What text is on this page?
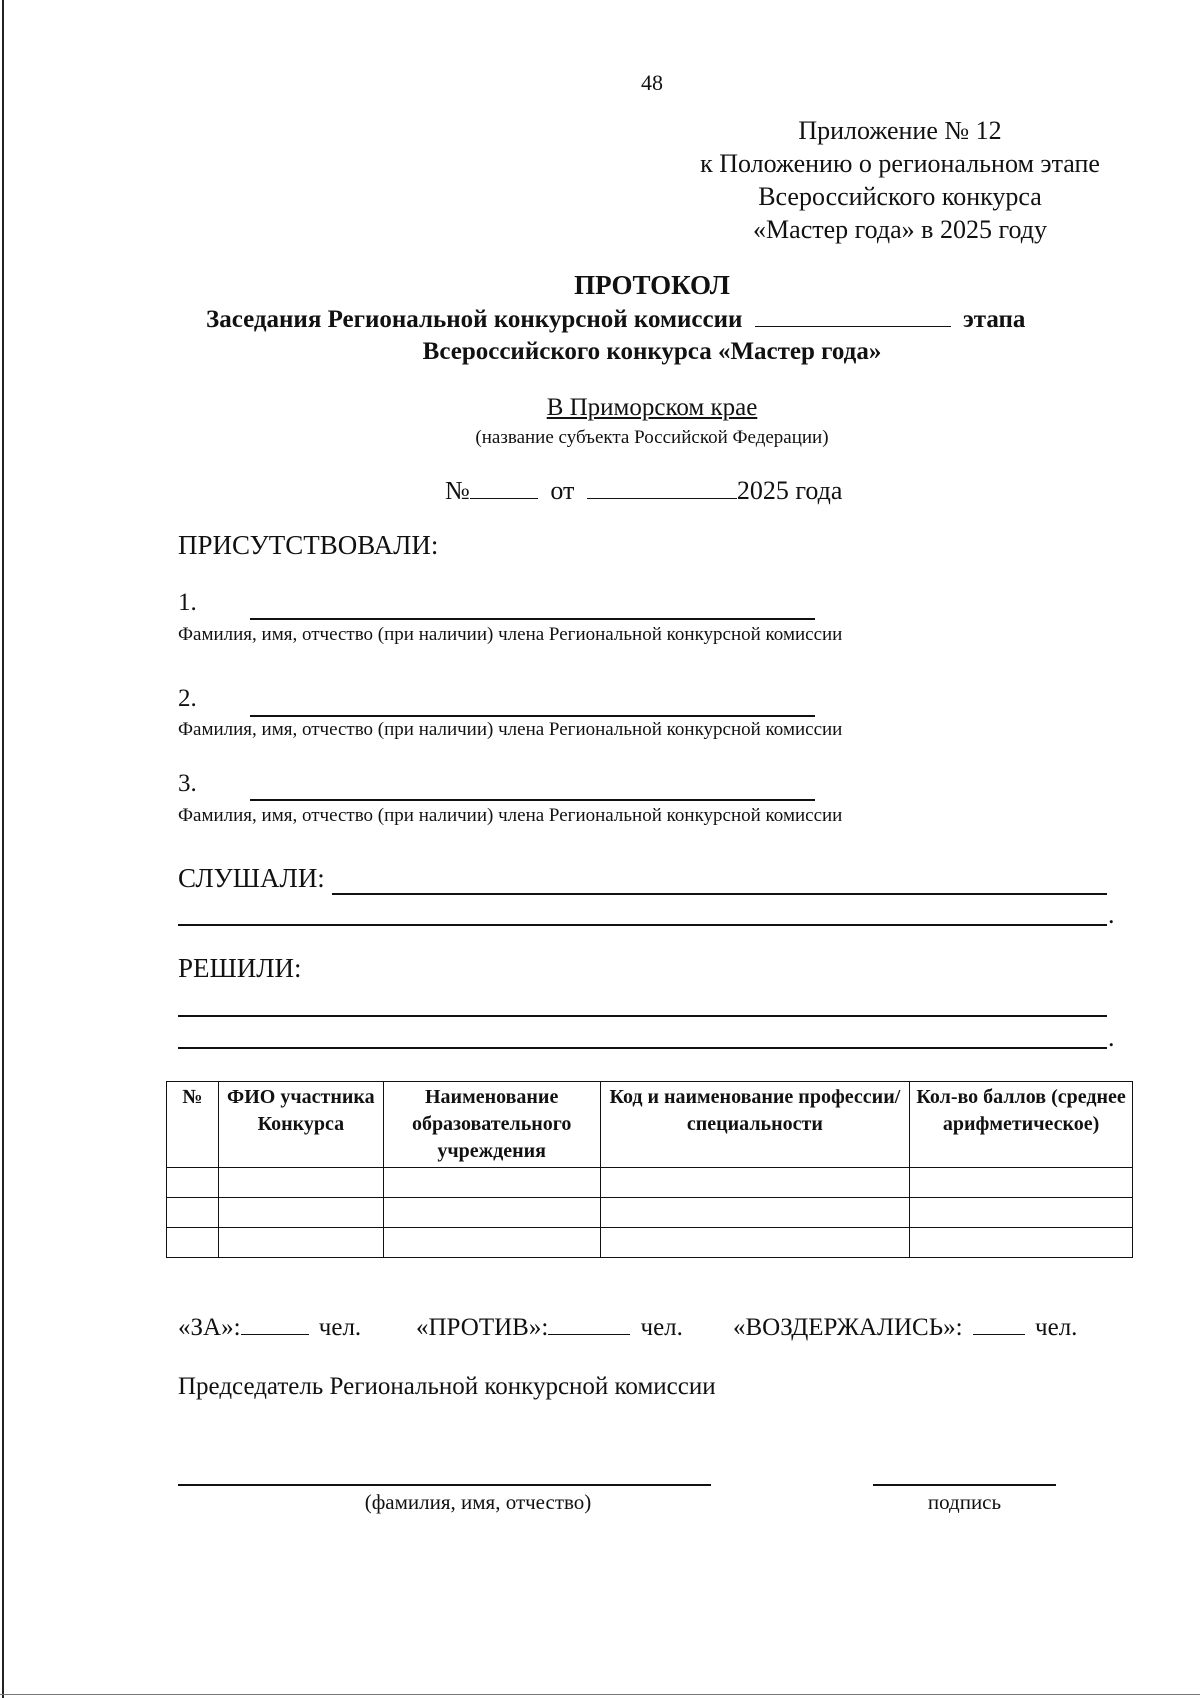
48
Приложение № 12
к Положению о региональном этапе
Всероссийского конкурса
«Мастер года» в 2025 году
ПРОТОКОЛ
Заседания Региональной конкурсной комиссии	этапа
Всероссийского конкурса «Мастер года»
В Приморском крае
(название субъекта Российской Федерации)
№	от	2025 года
ПРИСУТСТВОВАЛИ:
1.
Фамилия, имя, отчество (при наличии) члена Региональной конкурсной комиссии
2.
Фамилия, имя, отчество (при наличии) члена Региональной конкурсной комиссии
3.
Фамилия, имя, отчество (при наличии) члена Региональной конкурсной комиссии
СЛУШАЛИ:
.
РЕШИЛИ:
.
№	ФИО участника Конкурса	Наименование образовательного учреждения	Код и наименование профессии/специальности	Кол-во баллов (среднее арифметическое)

«ЗА»:	чел. «ПРОТИВ»:	чел. «ВОЗДЕРЖАЛИСЬ»:	чел.
Председатель Региональной конкурсной комиссии
(фамилия, имя, отчество)	подпись
